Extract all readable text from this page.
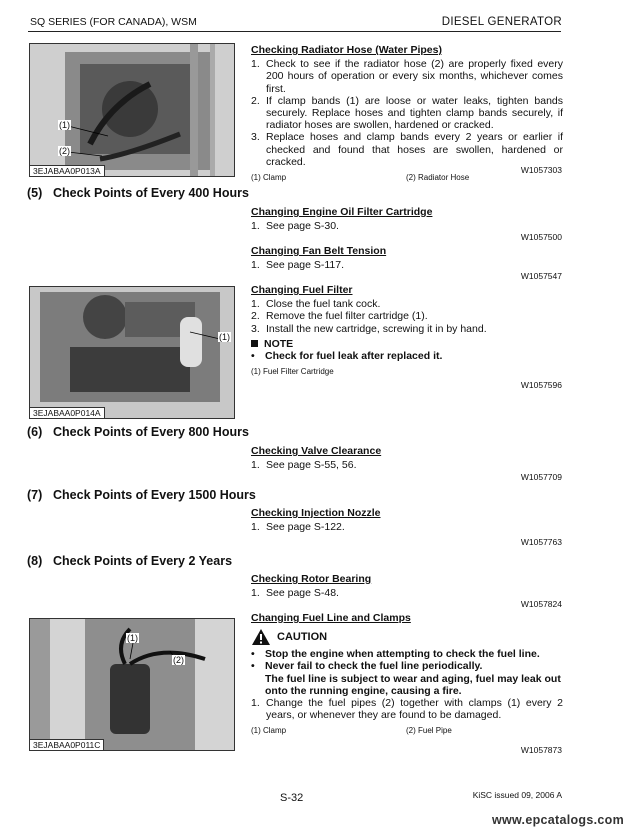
SQ SERIES (FOR CANADA), WSM	DIESEL GENERATOR
(1)
(2)
3EJABAA0P013A
Checking Radiator Hose (Water Pipes)
1. Check to see if the radiator hose (2) are properly fixed every 200 hours of operation or every six months, whichever comes first.
2. If clamp bands (1) are loose or water leaks, tighten bands securely. Replace hoses and tighten clamp bands securely, if radiator hoses are swollen, hardened or cracked.
3. Replace hoses and clamp bands every 2 years or earlier if checked and found that hoses are swollen, hardened or cracked.
(1) Clamp	(2) Radiator Hose
W1057303
(5) Check Points of Every 400 Hours
Changing Engine Oil Filter Cartridge
1. See page S-30.
W1057500
Changing Fan Belt Tension
1. See page S-117.
W1057547
(1)
3EJABAA0P014A
Changing Fuel Filter
1. Close the fuel tank cock.
2. Remove the fuel filter cartridge (1).
3. Install the new cartridge, screwing it in by hand.
NOTE
• Check for fuel leak after replaced it.
(1) Fuel Filter Cartridge
W1057596
(6) Check Points of Every 800 Hours
Checking Valve Clearance
1. See page S-55, 56.
W1057709
(7) Check Points of Every 1500 Hours
Checking Injection Nozzle
1. See page S-122.
W1057763
(8) Check Points of Every 2 Years
Checking Rotor Bearing
1. See page S-48.
W1057824
(1)
(2)
3EJABAA0P011C
Changing Fuel Line and Clamps
CAUTION
• Stop the engine when attempting to check the fuel line.
• Never fail to check the fuel line periodically.
The fuel line is subject to wear and aging, fuel may leak out onto the running engine, causing a fire.
1. Change the fuel pipes (2) together with clamps (1) every 2 years, or whenever they are found to be damaged.
(1) Clamp	(2) Fuel Pipe
W1057873
S-32	KiSC issued 09, 2006 A
www.epcatalogs.com
